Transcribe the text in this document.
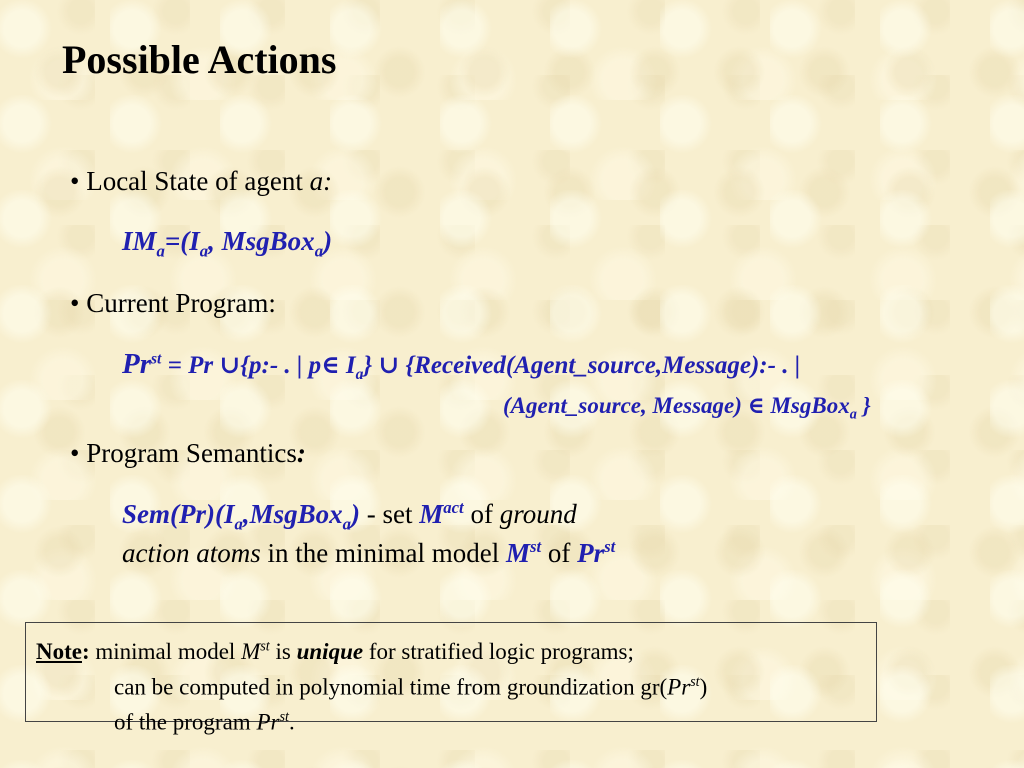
Possible Actions
• Local State of agent a:
$IM_a=(I_a$, MsgBox$_a$)
• Current Program:
$Pr^{st} = Pr$ ∪{p:- . | p∈ $I_a$} ∪ {Received(Agent_source,Message):- . |
(Agent_source, Message) ∈ MsgBox$_a$ }
• Program Semantics:
$Sem(Pr)(I_a,MsgBox_a)$ - set $M^{act}$ of ground
action atoms in the minimal model Mst of $Pr^{st}$
Note: minimal model Mst is unique for stratified logic programs;
can be computed in polynomial time from groundization $gr(Pr^{st})$
of the program $Pr^{st}$.
